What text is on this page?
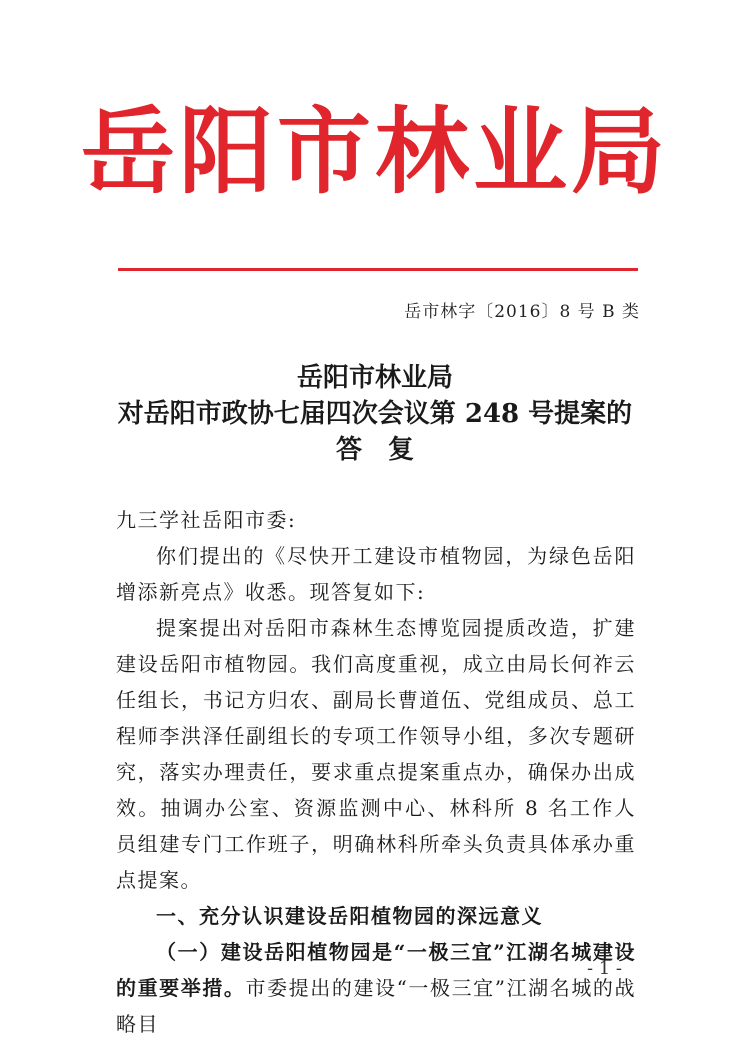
岳阳市林业局
岳市林字〔2016〕8 号 B 类
岳阳市林业局
对岳阳市政协七届四次会议第 248 号提案的
答　复

九三学社岳阳市委:

你们提出的《尽快开工建设市植物园，为绿色岳阳增添新亮点》收悉。现答复如下:

提案提出对岳阳市森林生态博览园提质改造，扩建建设岳阳市植物园。我们高度重视，成立由局长何祚云任组长，书记方归农、副局长曹道伍、党组成员、总工程师李洪泽任副组长的专项工作领导小组，多次专题研究，落实办理责任，要求重点提案重点办，确保办出成效。抽调办公室、资源监测中心、林科所 8 名工作人员组建专门工作班子，明确林科所牵头负责具体承办重点提案。

一、充分认识建设岳阳植物园的深远意义

（一）建设岳阳植物园是“一极三宜”江湖名城建设的重要举措。市委提出的建设“一极三宜”江湖名城的战略目

- 1 -
